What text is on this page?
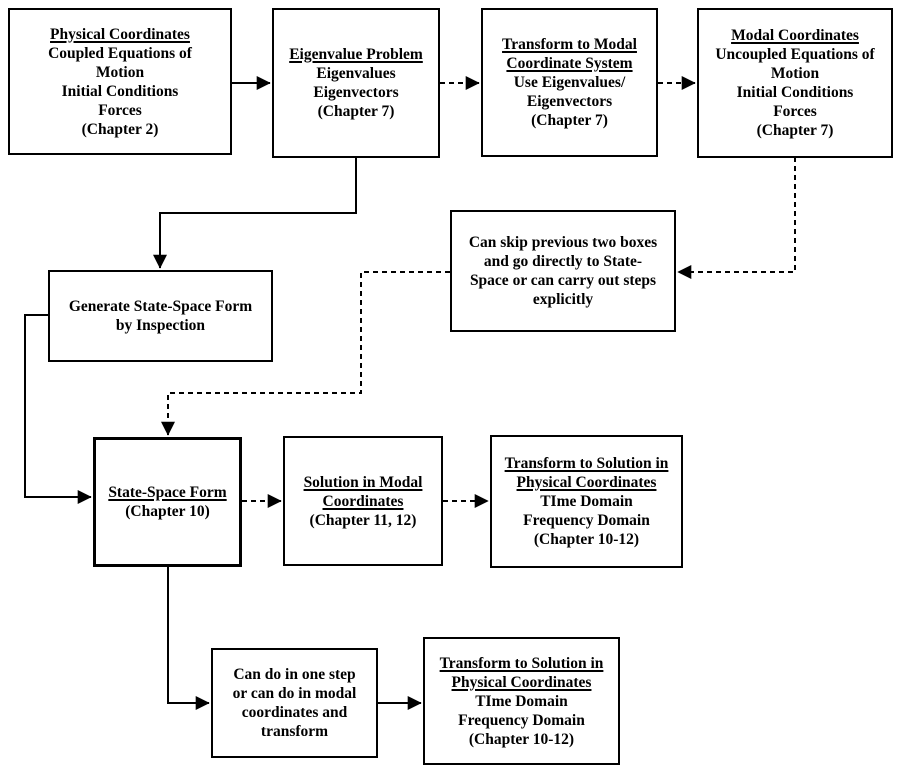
Physical Coordinates
Coupled Equations of
Motion
Initial Conditions
Forces
(Chapter 2)
Eigenvalue Problem
Eigenvalues
Eigenvectors
(Chapter 7)
Transform to Modal
Coordinate System
Use Eigenvalues/
Eigenvectors
(Chapter 7)
Modal Coordinates
Uncoupled Equations of
Motion
Initial Conditions
Forces
(Chapter 7)
Generate State-Space Form
by Inspection
Can skip previous two boxes
and go directly to State-
Space or can carry out steps
explicitly
State-Space Form
(Chapter 10)
Solution in Modal
Coordinates
(Chapter 11, 12)
Transform to Solution in
Physical Coordinates
TIme Domain
Frequency Domain
(Chapter 10-12)
Can do in one step
or can do in modal
coordinates and
transform
Transform to Solution in
Physical Coordinates
TIme Domain
Frequency Domain
(Chapter 10-12)
